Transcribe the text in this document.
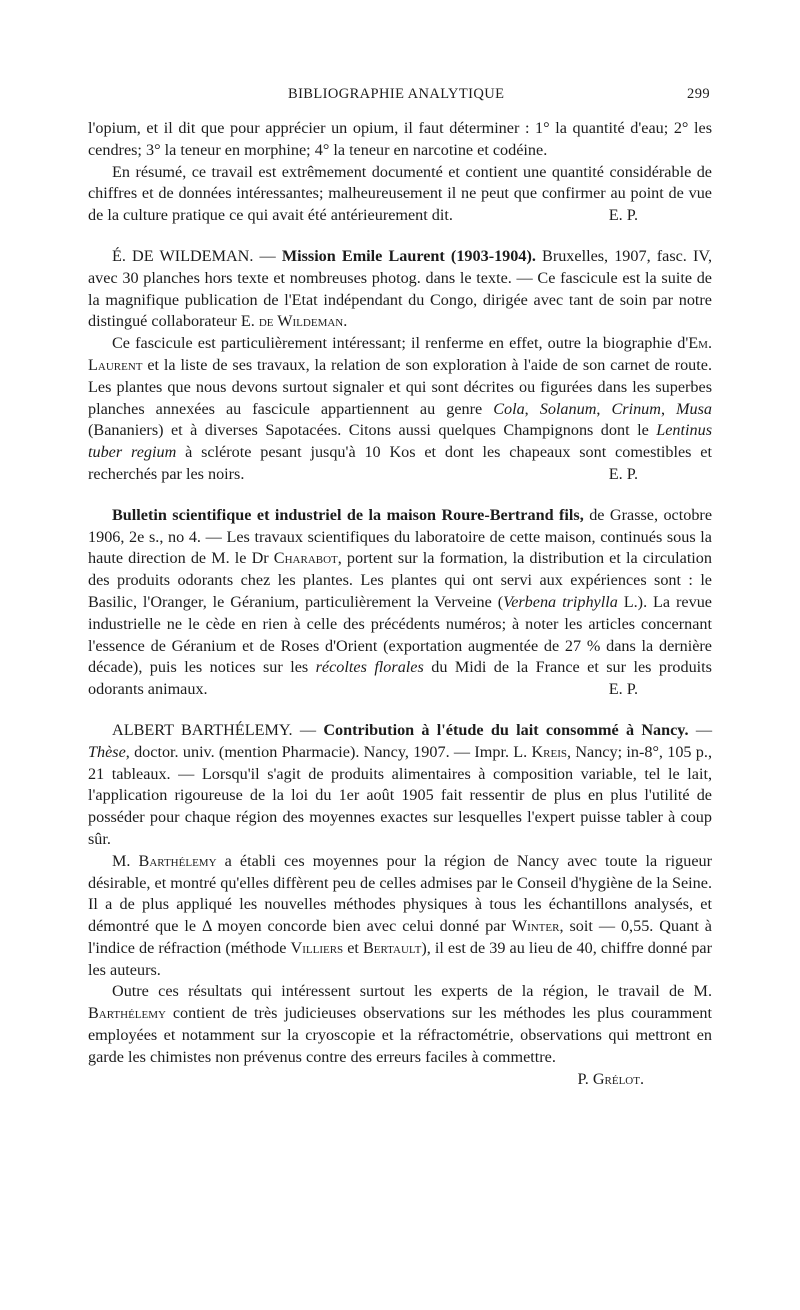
BIBLIOGRAPHIE ANALYTIQUE	299

l'opium, et il dit que pour apprécier un opium, il faut déterminer : 1° la quantité d'eau; 2° les cendres; 3° la teneur en morphine; 4° la teneur en narcotine et codéine.

En résumé, ce travail est extrêmement documenté et contient une quantité considérable de chiffres et de données intéressantes; malheureusement il ne peut que confirmer au point de vue de la culture pratique ce qui avait été antérieurement dit.	E. P.

É. DE WILDEMAN. — Mission Emile Laurent (1903-1904). Bruxelles, 1907, fasc. IV, avec 30 planches hors texte et nombreuses photog. dans le texte. — Ce fascicule est la suite de la magnifique publication de l'Etat indépendant du Congo, dirigée avec tant de soin par notre distingué collaborateur E. de Wildeman.

Ce fascicule est particulièrement intéressant; il renferme en effet, outre la biographie d'Em. Laurent et la liste de ses travaux, la relation de son exploration à l'aide de son carnet de route. Les plantes que nous devons surtout signaler et qui sont décrites ou figurées dans les superbes planches annexées au fascicule appartiennent au genre Cola, Solanum, Crinum, Musa (Bananiers) et à diverses Sapotacées. Citons aussi quelques Champignons dont le Lentinus tuber regium à sclérote pesant jusqu'à 10 Kos et dont les chapeaux sont comestibles et recherchés par les noirs.	E. P.

Bulletin scientifique et industriel de la maison Roure-Bertrand fils, de Grasse, octobre 1906, 2e s., no 4. — Les travaux scientifiques du laboratoire de cette maison, continués sous la haute direction de M. le Dr Charabot, portent sur la formation, la distribution et la circulation des produits odorants chez les plantes. Les plantes qui ont servi aux expériences sont : le Basilic, l'Oranger, le Géranium, particulièrement la Verveine (Verbena triphylla L.). La revue industrielle ne le cède en rien à celle des précédents numéros; à noter les articles concernant l'essence de Géranium et de Roses d'Orient (exportation augmentée de 27 % dans la dernière décade), puis les notices sur les récoltes florales du Midi de la France et sur les produits odorants animaux.	E. P.

ALBERT BARTHÉLEMY. — Contribution à l'étude du lait consommé à Nancy. — Thèse, doctor. univ. (mention Pharmacie). Nancy, 1907. — Impr. L. Kreis, Nancy; in-8°, 105 p., 21 tableaux. — Lorsqu'il s'agit de produits alimentaires à composition variable, tel le lait, l'application rigoureuse de la loi du 1er août 1905 fait ressentir de plus en plus l'utilité de posséder pour chaque région des moyennes exactes sur lesquelles l'expert puisse tabler à coup sûr.

M. Barthélemy a établi ces moyennes pour la région de Nancy avec toute la rigueur désirable, et montré qu'elles diffèrent peu de celles admises par le Conseil d'hygiène de la Seine. Il a de plus appliqué les nouvelles méthodes physiques à tous les échantillons analysés, et démontré que le Δ moyen concorde bien avec celui donné par Winter, soit — 0,55. Quant à l'indice de réfraction (méthode Villiers et Bertault), il est de 39 au lieu de 40, chiffre donné par les auteurs.

Outre ces résultats qui intéressent surtout les experts de la région, le travail de M. Barthélemy contient de très judicieuses observations sur les méthodes les plus couramment employées et notamment sur la cryoscopie et la réfractométrie, observations qui mettront en garde les chimistes non prévenus contre des erreurs faciles à commettre.
P. Grélot.
